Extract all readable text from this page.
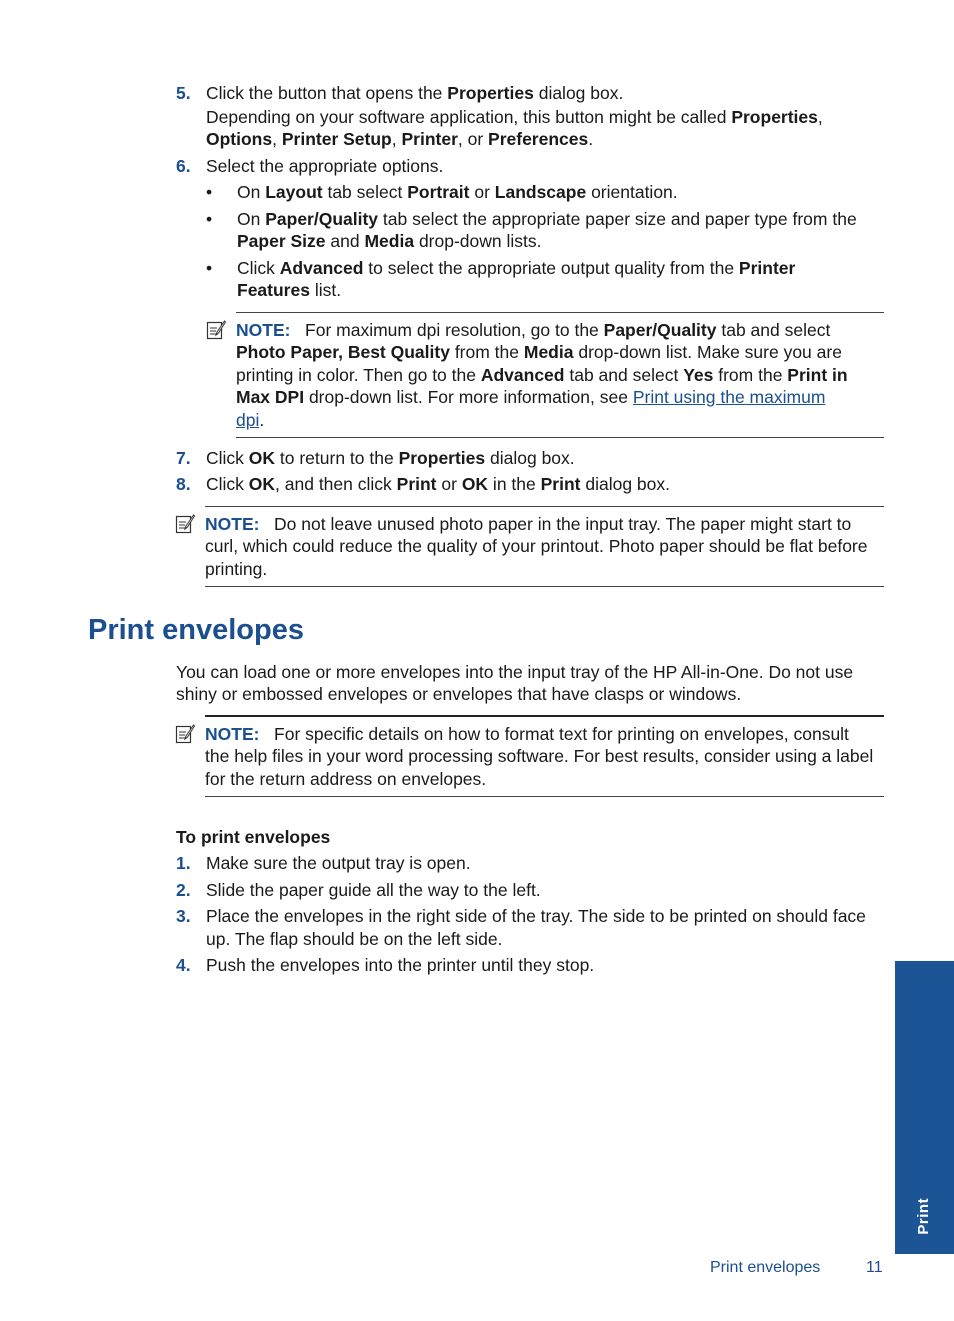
5. Click the button that opens the Properties dialog box.
Depending on your software application, this button might be called Properties,
Options, Printer Setup, Printer, or Preferences.
6. Select the appropriate options.
• On Layout tab select Portrait or Landscape orientation.
• On Paper/Quality tab select the appropriate paper size and paper type from the
Paper Size and Media drop-down lists.
• Click Advanced to select the appropriate output quality from the Printer
Features list.
NOTE: For maximum dpi resolution, go to the Paper/Quality tab and select
Photo Paper, Best Quality from the Media drop-down list. Make sure you are
printing in color. Then go to the Advanced tab and select Yes from the Print in
Max DPI drop-down list. For more information, see Print using the maximum
dpi.
7. Click OK to return to the Properties dialog box.
8. Click OK, and then click Print or OK in the Print dialog box.
NOTE: Do not leave unused photo paper in the input tray. The paper might start to
curl, which could reduce the quality of your printout. Photo paper should be flat before
printing.
Print envelopes
You can load one or more envelopes into the input tray of the HP All-in-One. Do not use
shiny or embossed envelopes or envelopes that have clasps or windows.
NOTE: For specific details on how to format text for printing on envelopes, consult
the help files in your word processing software. For best results, consider using a label
for the return address on envelopes.
To print envelopes
1. Make sure the output tray is open.
2. Slide the paper guide all the way to the left.
3. Place the envelopes in the right side of the tray. The side to be printed on should face
up. The flap should be on the left side.
4. Push the envelopes into the printer until they stop.
Print
Print envelopes	11
